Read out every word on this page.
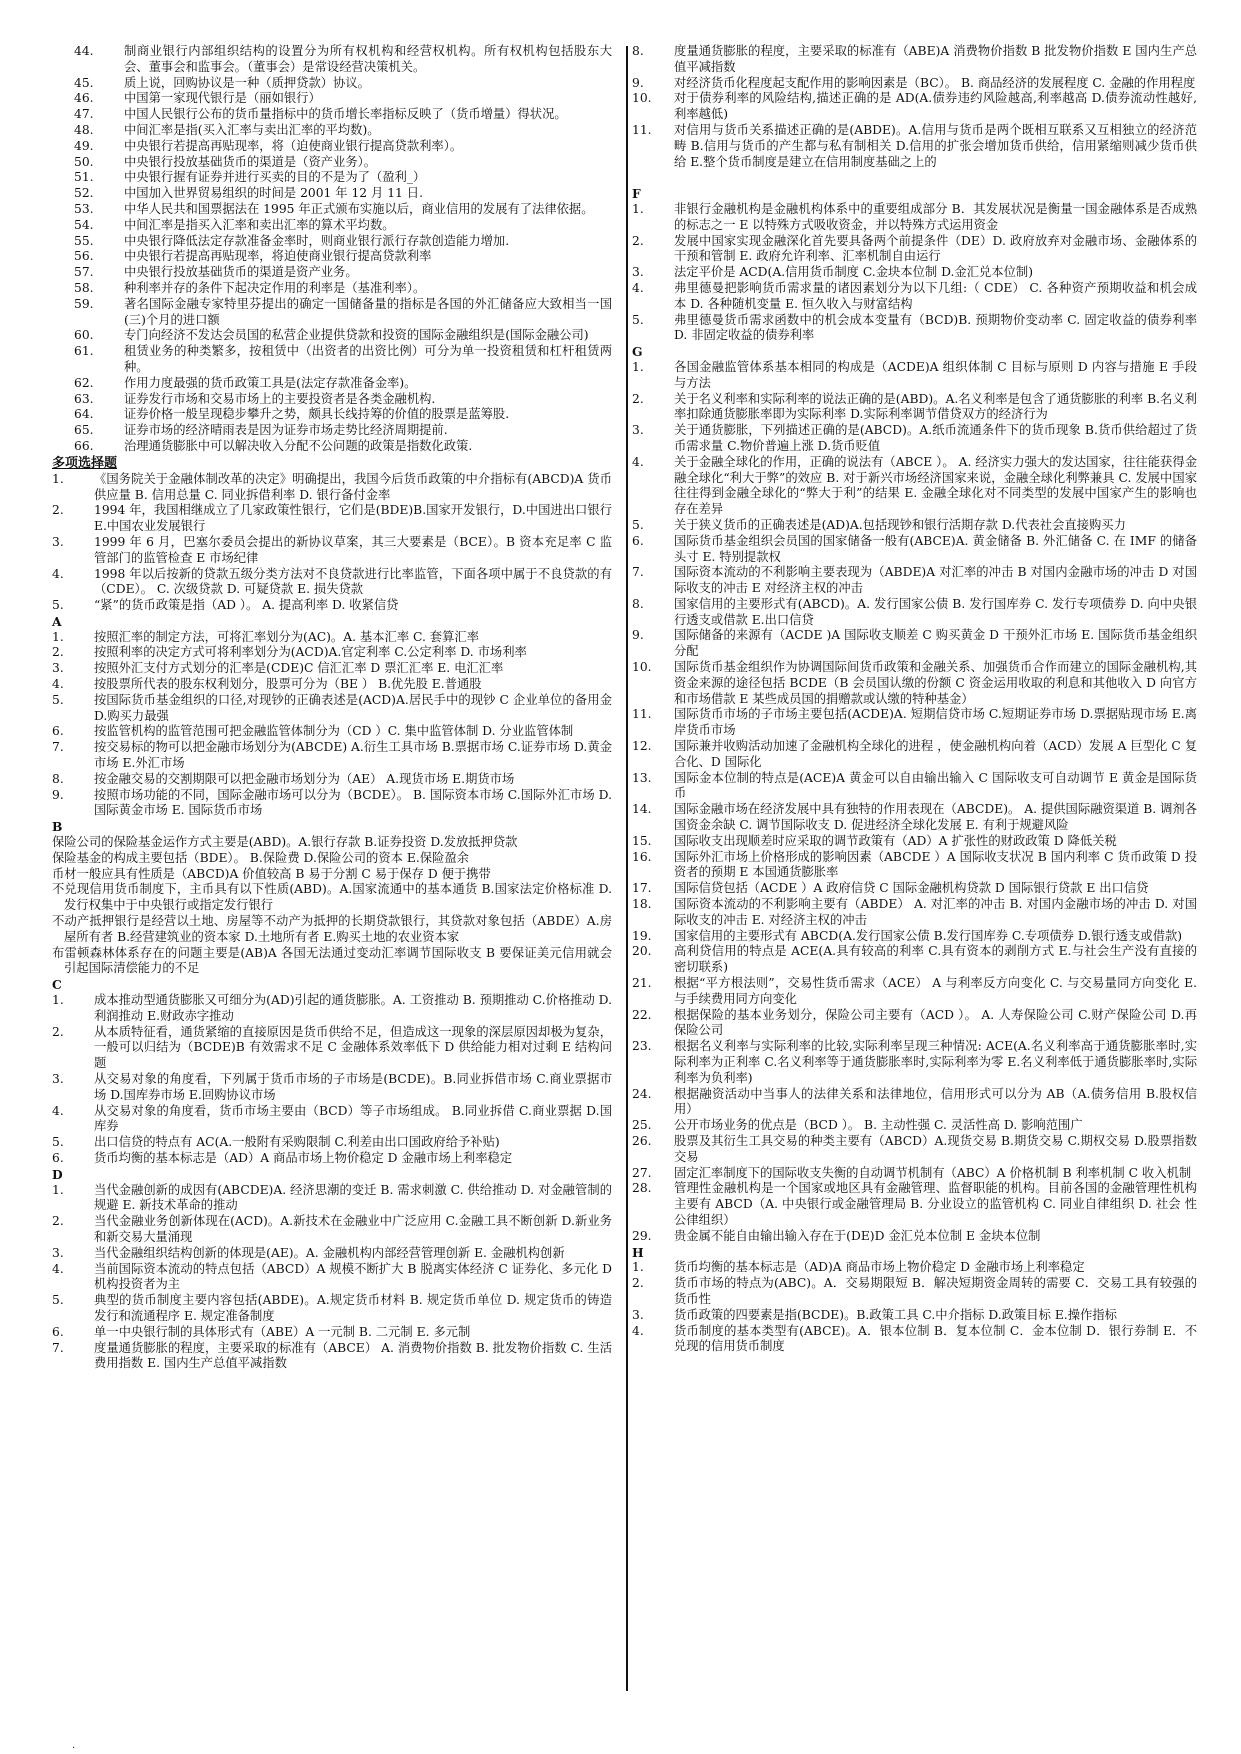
44.	制商业银行内部组织结构的设置分为所有权机构和经营权机构。所有权机构包括股东大会、董事会和监事会。（董事会）是常设经营决策机关。
45.	质上说，回购协议是一种（质押贷款）协议。
46.	中国第一家现代银行是（丽如银行）
47.	中国人民银行公布的货币量指标中的货币增长率指标反映了（货币增量）得状况。
48.	中间汇率是指(买入汇率与卖出汇率的平均数)。
49.	中央银行若提高再贴现率，将（迫使商业银行提高贷款利率）。
50.	中央银行投放基础货币的渠道是（资产业务）。
51.	中央银行握有证券并进行买卖的目的不是为了（盈利_）
52.	中国加入世界贸易组织的时间是 2001 年 12 月 11 日.
53.	中华人民共和国票据法在 1995 年正式颁布实施以后，商业信用的发展有了法律依据。
54.	中间汇率是指买入汇率和卖出汇率的算术平均数。
55.	中央银行降低法定存款准备金率时，则商业银行派行存款创造能力增加.
56.	中央银行若提高再贴现率，将迫使商业银行提高贷款利率
57.	中央银行投放基础货币的渠道是资产业务。
58.	种利率并存的条件下起决定作用的利率是（基准利率）。
59.	著名国际金融专家特里芬提出的确定一国储备量的指标是各国的外汇储备应大致相当一国(三)个月的进口额
60.	专门向经济不发达会员国的私营企业提供贷款和投资的国际金融组织是(国际金融公司)
61.	租赁业务的种类繁多，按租赁中（出资者的出资比例）可分为单一投资租赁和杠杆租赁两种。
62.	作用力度最强的货币政策工具是(法定存款准备金率)。
63.	证券发行市场和交易市场上的主要投资者是各类金融机构.
64.	证券价格一般呈现稳步攀升之势，颇具长线持筹的价值的股票是蓝筹股.
65.	证券市场的经济晴雨表是因为证券市场走势比经济周期提前.
66.	治理通货膨胀中可以解决收入分配不公问题的政策是指数化政策.
多项选择题
1.	《国务院关于金融体制改革的决定》明确提出，我国今后货币政策的中介指标有(ABCD)A 货币供应量 B. 信用总量 C. 同业拆借利率 D. 银行备付金率
2.	1994 年，我国相继成立了几家政策性银行，它们是(BDE)B.国家开发银行，D.中国进出口银行 E.中国农业发展银行
3.	1999 年 6 月，巴塞尔委员会提出的新协议草案，其三大要素是（BCE）。B 资本充足率 C 监管部门的监管检查 E 市场纪律
4.	1998 年以后按新的贷款五级分类方法对不良贷款进行比率监管，下面各项中属于不良贷款的有（CDE）。 C. 次级贷款 D. 可疑贷款 E. 损失贷款
5.	“紧”的货币政策是指（AD ）。 A. 提高利率 D. 收紧信贷
A
1.	按照汇率的制定方法，可将汇率划分为(AC)。A. 基本汇率 C. 套算汇率
2.	按照利率的决定方式可将利率划分为(ACD)A.官定利率 C.公定利率 D. 市场利率
3.	按照外汇支付方式划分的汇率是(CDE)C 信汇汇率 D 票汇汇率 E. 电汇汇率
4.	按股票所代表的股东权利划分，股票可分为（BE ） B.优先股 E.普通股
5.	按国际货币基金组织的口径,对现钞的正确表述是(ACD)A.居民手中的现钞 C 企业单位的备用金 D.购买力最强
6.	按监管机构的监管范围可把金融监管体制分为（CD ）C. 集中监管体制 D. 分业监管体制
7.	按交易标的物可以把金融市场划分为(ABCDE) A.衍生工具市场 B.票据市场 C.证券市场 D.黄金市场 E.外汇市场
8.	按金融交易的交割期限可以把金融市场划分为（AE） A.现货市场 E.期货市场
9.	按照市场功能的不同，国际金融市场可以分为（BCDE）。 B. 国际资本市场 C.国际外汇市场 D. 国际黄金市场 E. 国际货币市场
B
保险公司的保险基金运作方式主要是(ABD)。A.银行存款 B.证券投资 D.发放抵押贷款
保险基金的构成主要包括（BDE）。 B.保险费 D.保险公司的资本 E.保险盈余
币材一般应具有性质是（ABCD)A 价值较高 B 易于分割 C 易于保存 D 便于携带
不兑现信用货币制度下，主币具有以下性质(ABD)。A.国家流通中的基本通货 B.国家法定价格标准 D.发行权集中于中央银行或指定发行银行
不动产抵押银行是经营以土地、房屋等不动产为抵押的长期贷款银行，其贷款对象包括（ABDE）A.房屋所有者 B.经营建筑业的资本家 D.土地所有者 E.购买土地的农业资本家
布雷顿森林体系存在的问题主要是(AB)A 各国无法通过变动汇率调节国际收支 B 要保证美元信用就会引起国际清偿能力的不足
C
1.	成本推动型通货膨胀又可细分为(AD)引起的通货膨胀。A. 工资推动 B. 预期推动 C.价格推动 D. 利润推动 E.财政赤字推动
2.	从本质特征看，通货紧缩的直接原因是货币供给不足，但造成这一现象的深层原因却极为复杂，一般可以归结为（BCDE)B 有效需求不足 C 金融体系效率低下 D 供给能力相对过剩 E 结构问题
3.	从交易对象的角度看，下列属于货币市场的子市场是(BCDE)。B.同业拆借市场 C.商业票据市场 D.国库券市场 E.回购协议市场
4.	从交易对象的角度看，货币市场主要由（BCD）等子市场组成。 B.同业拆借 C.商业票据 D.国库券
5.	出口信贷的特点有 AC(A.一般附有采购限制 C.利差由出口国政府给予补贴)
6.	货币均衡的基本标志是（AD）A 商品市场上物价稳定 D 金融市场上利率稳定
D
1.	当代金融创新的成因有(ABCDE)A. 经济思潮的变迁 B. 需求刺激 C. 供给推动 D. 对金融管制的规避 E. 新技术革命的推动
2.	当代金融业务创新体现在(ACD)。A.新技术在金融业中广泛应用 C.金融工具不断创新 D.新业务和新交易大量涌现
3.	当代金融组织结构创新的体现是(AE)。A. 金融机构内部经营管理创新 E. 金融机构创新
4.	当前国际资本流动的特点包括（ABCD）A 规模不断扩大 B 脱离实体经济 C 证券化、多元化 D 机构投资者为主
5.	典型的货币制度主要内容包括(ABDE)。A.规定货币材料 B. 规定货币单位 D. 规定货币的铸造发行和流通程序 E. 规定准备制度
6.	单一中央银行制的具体形式有（ABE）A 一元制 B. 二元制 E. 多元制
7.	度量通货膨胀的程度，主要采取的标准有（ABCE） A. 消费物价指数 B. 批发物价指数 C. 生活费用指数 E. 国内生产总值平减指数
8.	度量通货膨胀的程度，主要采取的标准有（ABE)A 消费物价指数 B 批发物价指数 E 国内生产总值平减指数
9.	对经济货币化程度起支配作用的影响因素是（BC）。 B. 商品经济的发展程度 C. 金融的作用程度
10.	对于债券利率的风险结构,描述正确的是 AD(A.债券违约风险越高,利率越高 D.债券流动性越好,利率越低)
11.	对信用与货币关系描述正确的是(ABDE)。A.信用与货币是两个既相互联系又互相独立的经济范畴 B.信用与货币的产生都与私有制相关 D.信用的扩张会增加货币供给，信用紧缩则减少货币供给 E.整个货币制度是建立在信用制度基础之上的
F
1.	非银行金融机构是金融机构体系中的重要组成部分 B．其发展状况是衡量一国金融体系是否成熟的标志之一 E 以特殊方式吸收资金，并以特殊方式运用资金
2.	发展中国家实现金融深化首先要具备两个前提条件（DE）D. 政府放弃对金融市场、金融体系的干预和管制 E. 政府允许利率、汇率机制自由运行
3.	法定平价是 ACD(A.信用货币制度 C.金块本位制 D.金汇兑本位制)
4.	弗里德曼把影响货币需求量的诸因素划分为以下几组:（ CDE） C. 各种资产预期收益和机会成本 D. 各种随机变量 E. 恒久收入与财富结构
5.	弗里德曼货币需求函数中的机会成本变量有（BCD)B. 预期物价变动率 C. 固定收益的债券利率 D. 非固定收益的债券利率
G
1.	各国金融监管体系基本相同的构成是（ACDE)A 组织体制 C 目标与原则 D 内容与措施 E 手段与方法
2.	关于名义利率和实际利率的说法正确的是(ABD)。A.名义利率是包含了通货膨胀的利率 B.名义利率扣除通货膨胀率即为实际利率 D.实际利率调节借贷双方的经济行为
3.	关于通货膨胀，下列描述正确的是(ABCD)。A.纸币流通条件下的货币现象 B.货币供给超过了货币需求量 C.物价普遍上涨 D.货币贬值
4.	关于金融全球化的作用，正确的说法有（ABCE ）。 A. 经济实力强大的发达国家，往往能获得金融全球化“利大于弊”的效应 B. 对于新兴市场经济国家来说，金融全球化利弊兼具 C. 发展中国家往往得到金融全球化的“弊大于利”的结果 E. 金融全球化对不同类型的发展中国家产生的影响也存在差异
5.	关于狭义货币的正确表述是(AD)A.包括现钞和银行活期存款 D.代表社会直接购买力
6.	国际货币基金组织会员国的国家储备一般有(ABCE)A. 黄金储备 B. 外汇储备 C. 在 IMF 的储备头寸 E. 特别提款权
7.	国际资本流动的不利影响主要表现为（ABDE)A 对汇率的冲击 B 对国内金融市场的冲击 D 对国际收支的冲击 E 对经济主权的冲击
8.	国家信用的主要形式有(ABCD)。A. 发行国家公债 B. 发行国库券 C. 发行专项债券 D. 向中央银行透支或借款 E.出口信贷
9.	国际储备的来源有（ACDE )A 国际收支顺差 C 购买黄金 D 干预外汇市场 E. 国际货币基金组织分配
10.	国际货币基金组织作为协调国际间货币政策和金融关系、加强货币合作而建立的国际金融机构,其资金来源的途径包括 BCDE（B 会员国认缴的份额 C 资金运用收取的利息和其他收入 D 向官方和市场借款 E 某些成员国的捐赠款或认缴的特种基金）
11.	国际货币市场的子市场主要包括(ACDE)A. 短期信贷市场 C.短期证券市场 D.票据贴现市场 E.离岸货币市场
12.	国际兼并收购活动加速了金融机构全球化的进程 ，使金融机构向着（ACD）发展 A 巨型化 C 复合化、D 国际化
13.	国际金本位制的特点是(ACE)A 黄金可以自由输出输入 C 国际收支可自动调节 E 黄金是国际货币
14.	国际金融市场在经济发展中具有独特的作用表现在（ABCDE)。 A. 提供国际融资渠道 B. 调剂各国资金余缺 C. 调节国际收支 D. 促进经济全球化发展 E. 有利于规避风险
15.	国际收支出现顺差时应采取的调节政策有（AD）A 扩张性的财政政策 D 降低关税
16.	国际外汇市场上价格形成的影响因素（ABCDE ）A 国际收支状况 B 国内利率 C 货币政策 D 投资者的预期 E 本国通货膨胀率
17.	国际信贷包括（ACDE ）A 政府信贷 C 国际金融机构贷款 D 国际银行贷款 E 出口信贷
18.	国际资本流动的不利影响主要有（ABDE） A. 对汇率的冲击 B. 对国内金融市场的冲击 D. 对国际收支的冲击 E. 对经济主权的冲击
19.	国家信用的主要形式有 ABCD(A.发行国家公债 B.发行国库券 C.专项债券 D.银行透支或借款)
20.	高利贷信用的特点是 ACE(A.具有较高的利率 C.具有资本的剥削方式 E.与社会生产没有直接的密切联系)
21.	根据“平方根法则”，交易性货币需求（ACE） A 与利率反方向变化 C. 与交易量同方向变化 E. 与手续费用同方向变化
22.	根据保险的基本业务划分，保险公司主要有（ACD ）。 A. 人寿保险公司 C.财产保险公司 D.再保险公司
23.	根据名义利率与实际利率的比较,实际利率呈现三种情况: ACE(A.名义利率高于通货膨胀率时,实际利率为正利率 C.名义利率等于通货膨胀率时,实际利率为零 E.名义利率低于通货膨胀率时,实际利率为负利率)
24.	根据融资活动中当事人的法律关系和法律地位，信用形式可以分为 AB（A.债务信用 B.股权信用）
25.	公开市场业务的优点是（BCD ）。 B. 主动性强 C. 灵活性高 D. 影响范围广
26.	股票及其衍生工具交易的种类主要有（ABCD）A.现货交易 B.期货交易 C.期权交易 D.股票指数交易
27.	固定汇率制度下的国际收支失衡的自动调节机制有（ABC）A 价格机制 B 利率机制 C 收入机制
28.	管理性金融机构是一个国家或地区具有金融管理、监督职能的机构。目前各国的金融管理性机构主要有 ABCD（A. 中央银行或金融管理局 B. 分业设立的监管机构 C. 同业自律组织 D. 社会 性公律组织）
29.	贵金属不能自由输出输入存在于(DE)D 金汇兑本位制 E 金块本位制
H
1.	货币均衡的基本标志是（AD)A 商品市场上物价稳定 D 金融市场上利率稳定
2.	货币市场的特点为(ABC)。A．交易期限短 B．解决短期资金周转的需要 C．交易工具有较强的货币性
3.	货币政策的四要素是指(BCDE)。B.政策工具 C.中介指标 D.政策目标 E.操作指标
4.	货币制度的基本类型有(ABCE)。A．银本位制 B．复本位制 C．金本位制 D．银行券制 E．不兑现的信用货币制度
.
